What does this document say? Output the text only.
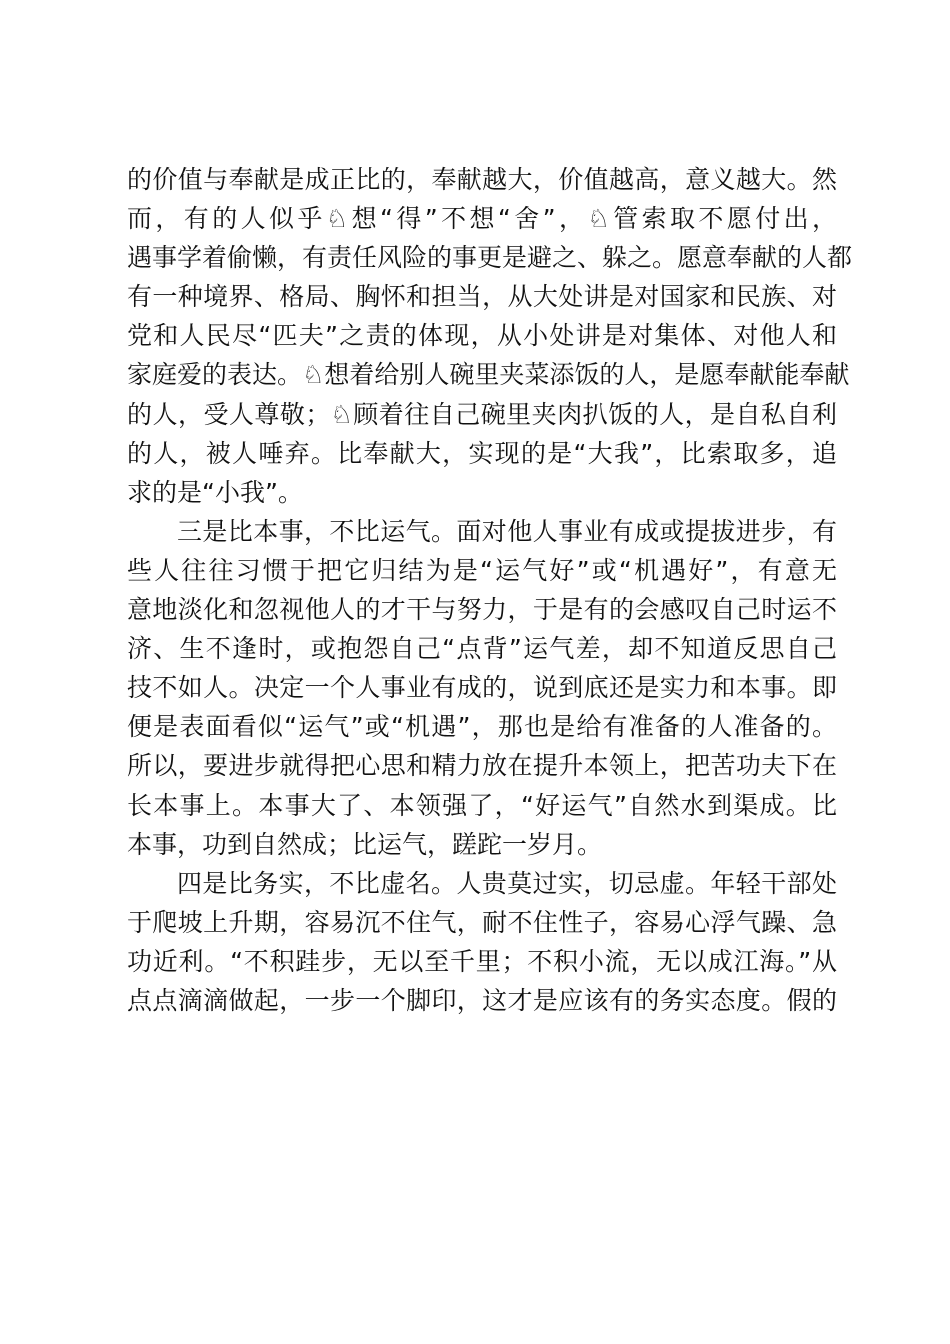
的价值与奉献是成正比的，奉献越大，价值越高，意义越大。然
而，有的人似乎♘想“得”不想“舍”，♘管索取不愿付出，
遇事学着偷懒，有责任风险的事更是避之、躲之。愿意奉献的人都
有一种境界、格局、胸怀和担当，从大处讲是对国家和民族、对
党和人民尽“匹夫”之责的体现，从小处讲是对集体、对他人和
家庭爱的表达。♘想着给别人碗里夹菜添饭的人，是愿奉献能奉献
的人，受人尊敬；♘顾着往自己碗里夹肉扒饭的人，是自私自利
的人，被人唾弃。比奉献大，实现的是“大我”，比索取多，追
求的是“小我”。
三是比本事，不比运气。面对他人事业有成或提拔进步，有
些人往往习惯于把它归结为是“运气好”或“机遇好”，有意无
意地淡化和忽视他人的才干与努力，于是有的会感叹自己时运不
济、生不逢时，或抱怨自己“点背”运气差，却不知道反思自己
技不如人。决定一个人事业有成的，说到底还是实力和本事。即
便是表面看似“运气”或“机遇”，那也是给有准备的人准备的。
所以，要进步就得把心思和精力放在提升本领上，把苦功夫下在
长本事上。本事大了、本领强了，“好运气”自然水到渠成。比
本事，功到自然成；比运气，蹉跎一岁月。
四是比务实，不比虚名。人贵莫过实，切忌虚。年轻干部处
于爬坡上升期，容易沉不住气，耐不住性子，容易心浮气躁、急
功近利。“不积跬步，无以至千里；不积小流，无以成江海。”从
点点滴滴做起，一步一个脚印，这才是应该有的务实态度。假的
